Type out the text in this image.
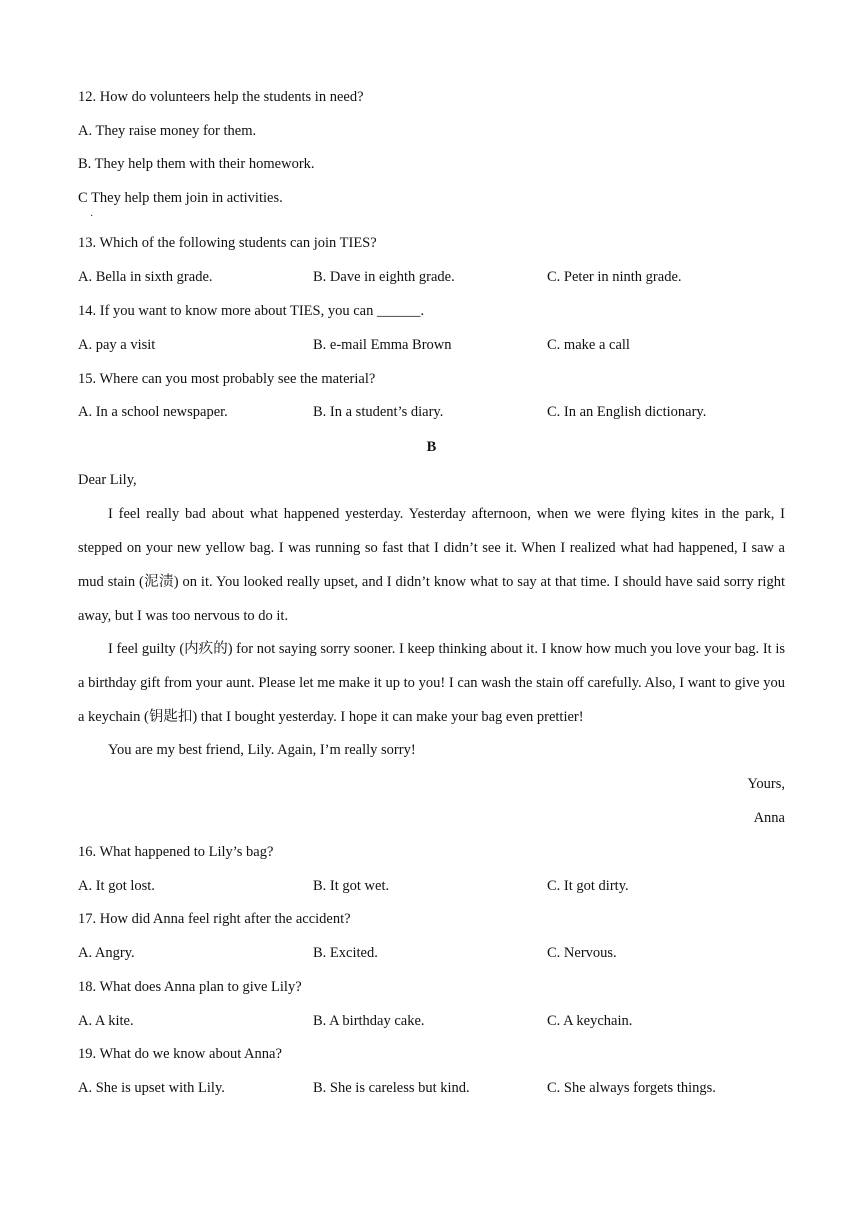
12. How do volunteers help the students in need?
A. They raise money for them.
B. They help them with their homework.
C They help them join in activities.
·
13. Which of the following students can join TIES?
A. Bella in sixth grade.	B. Dave in eighth grade.	C. Peter in ninth grade.
14. If you want to know more about TIES, you can ______.
A. pay a visit	B. e-mail Emma Brown	C. make a call
15. Where can you most probably see the material?
A. In a school newspaper.	B. In a student’s diary.	C. In an English dictionary.
B
Dear Lily,
I feel really bad about what happened yesterday. Yesterday afternoon, when we were flying kites in the park, I stepped on your new yellow bag. I was running so fast that I didn’t see it. When I realized what had happened, I saw a mud stain (泥渍) on it. You looked really upset, and I didn’t know what to say at that time. I should have said sorry right away, but I was too nervous to do it.
I feel guilty (内疚的) for not saying sorry sooner. I keep thinking about it. I know how much you love your bag. It is a birthday gift from your aunt. Please let me make it up to you! I can wash the stain off carefully. Also, I want to give you a keychain (钥匙扣) that I bought yesterday. I hope it can make your bag even prettier!
You are my best friend, Lily. Again, I’m really sorry!
Yours,
Anna
16. What happened to Lily’s bag?
A. It got lost.	B. It got wet.	C. It got dirty.
17. How did Anna feel right after the accident?
A. Angry.	B. Excited.	C. Nervous.
18. What does Anna plan to give Lily?
A. A kite.	B. A birthday cake.	C. A keychain.
19. What do we know about Anna?
A. She is upset with Lily.	B. She is careless but kind.	C. She always forgets things.
